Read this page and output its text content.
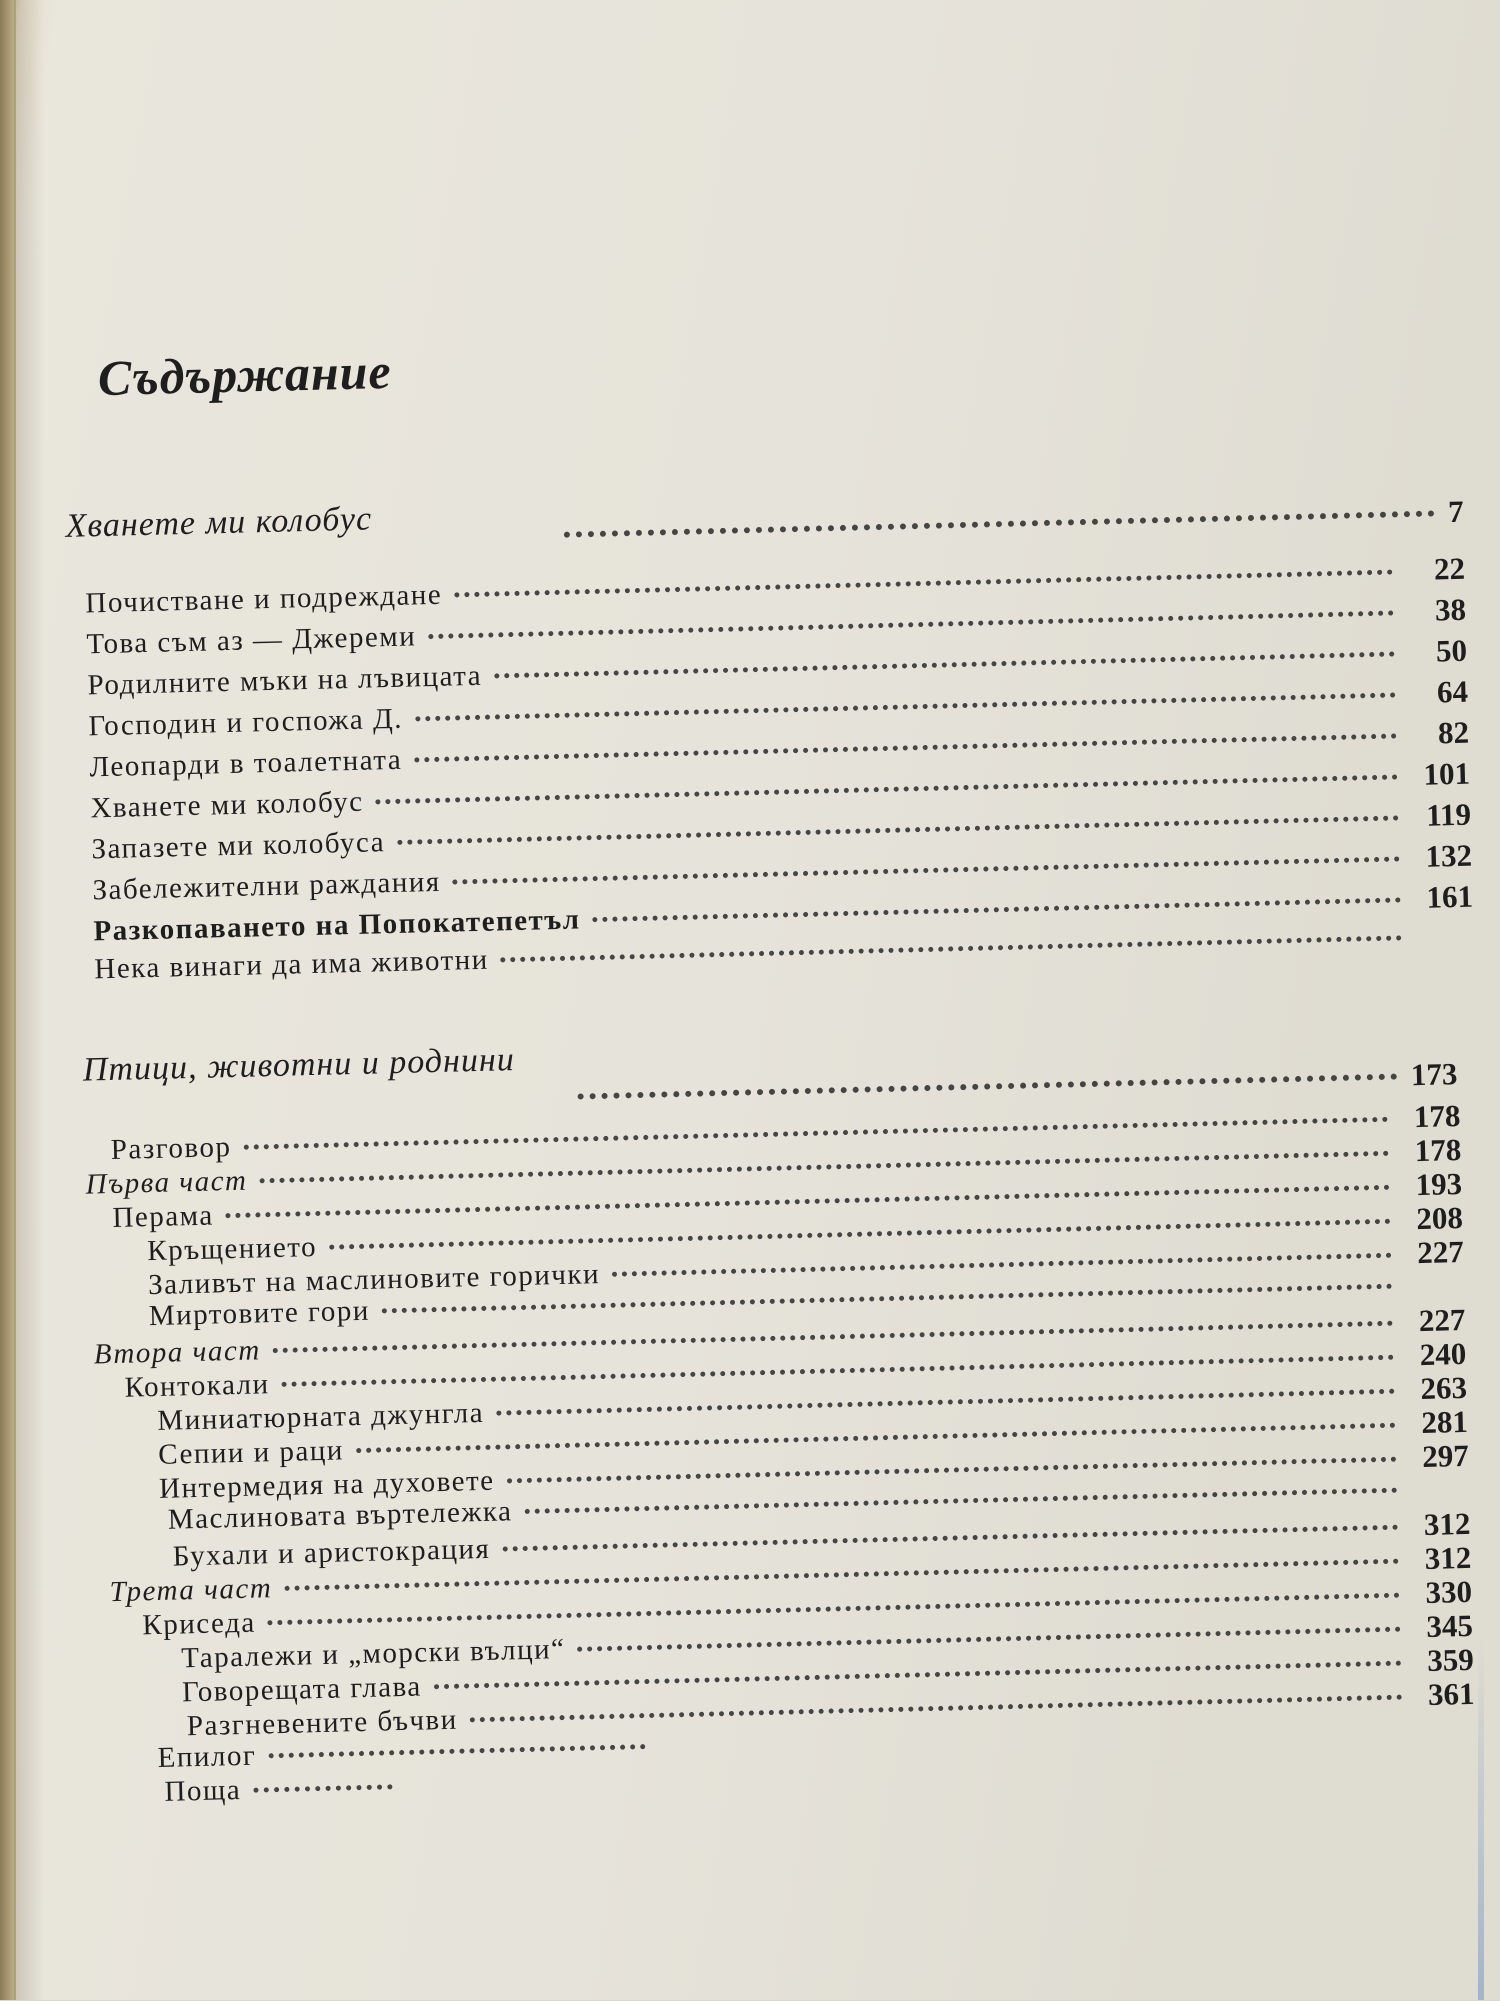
Съдържание
Хванете ми колобус	7
Почистване и подреждане
22
Това съм аз — Джереми
38
Родилните мъки на лъвицата
50
Господин и госпожа Д.
64
Леопарди в тоалетната
82
Хванете ми колобус
101
Запазете ми колобуса
119
Забележителни раждания
132
Разкопаването на Попокатепетъл
161
Нека винаги да има животни
Птици, животни и роднини	173
Разговор
178
Първа част
178
Перама
193
Кръщението
208
Заливът на маслиновите горички
227
Миртовите гори
Втора част
227
Контокали
240
Миниатюрната джунгла
263
Сепии и раци
281
Интермедия на духовете
297
Маслиновата въртележка
Бухали и аристокрация
312
Трета част
312
Криседа
330
Таралежи и „морски вълци“
345
Говорещата глава
359
Разгневените бъчви
361
Епилог
Поща
